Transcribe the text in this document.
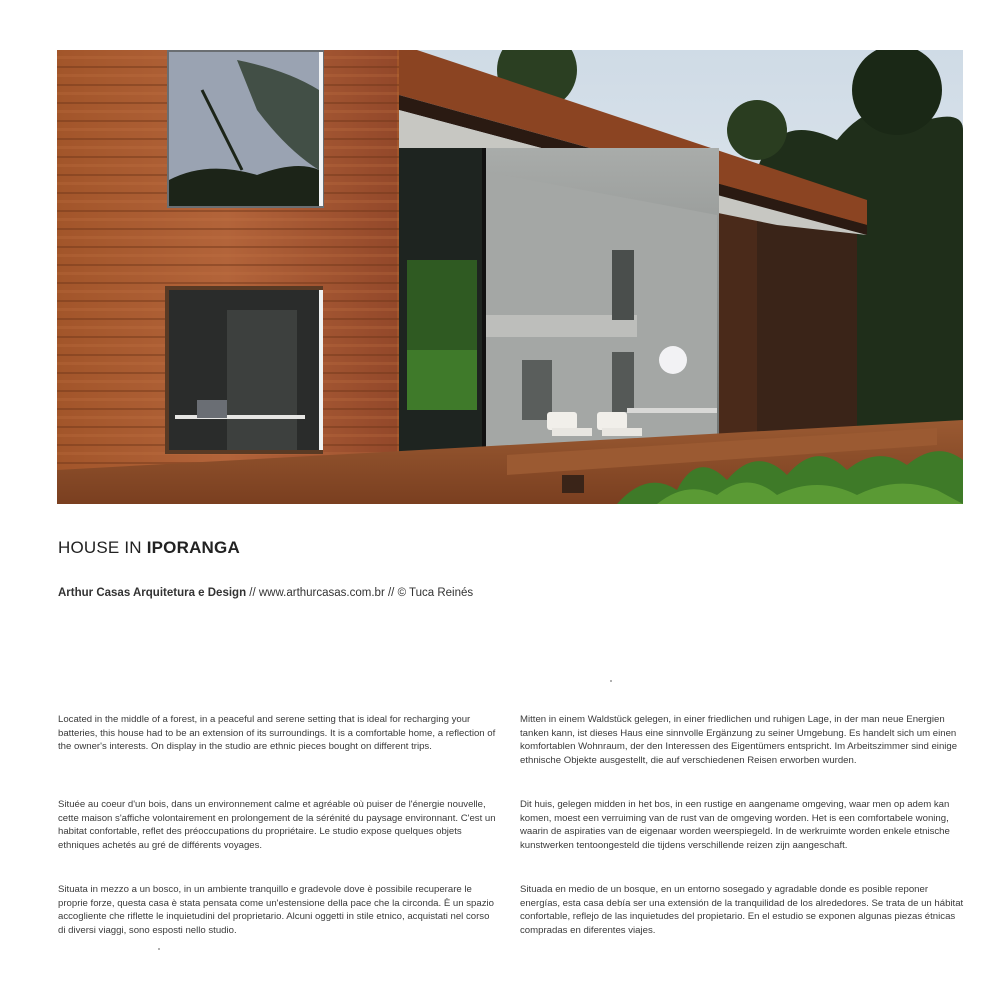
HOUSE IN IPORANGA
Arthur Casas Arquitetura e Design // www.arthurcasas.com.br // © Tuca Reinés

Located in the middle of a forest, in a peaceful and serene setting that is ideal for recharging your batteries, this house had to be an extension of its surroundings. It is a comfortable home, a reflection of the owner's interests. On display in the studio are ethnic pieces bought on different trips.

Mitten in einem Waldstück gelegen, in einer friedlichen und ruhigen Lage, in der man neue Energien tanken kann, ist dieses Haus eine sinnvolle Ergänzung zu seiner Umgebung. Es handelt sich um einen komfortablen Wohnraum, der den Interessen des Eigentümers entspricht. Im Arbeitszimmer sind einige ethnische Objekte ausgestellt, die auf verschiedenen Reisen erworben wurden.

Située au coeur d'un bois, dans un environnement calme et agréable où puiser de l'énergie nouvelle, cette maison s'affiche volontairement en prolongement de la sérénité du paysage environnant. C'est un habitat confortable, reflet des préoccupations du propriétaire. Le studio expose quelques objets ethniques achetés au gré de différents voyages.

Dit huis, gelegen midden in het bos, in een rustige en aangename omgeving, waar men op adem kan komen, moest een verruiming van de rust van de omgeving worden. Het is een comfortabele woning, waarin de aspiraties van de eigenaar worden weerspiegeld. In de werkruimte worden enkele etnische kunstwerken tentoongesteld die tijdens verschillende reizen zijn aangeschaft.

Situata in mezzo a un bosco, in un ambiente tranquillo e gradevole dove è possibile recuperare le proprie forze, questa casa è stata pensata come un'estensione della pace che la circonda. È un spazio accogliente che riflette le inquietudini del proprietario. Alcuni oggetti in stile etnico, acquistati nel corso di diversi viaggi, sono esposti nello studio.

Situada en medio de un bosque, en un entorno sosegado y agradable donde es posible reponer energías, esta casa debía ser una extensión de la tranquilidad de los alrededores. Se trata de un hábitat confortable, reflejo de las inquietudes del propietario. En el estudio se exponen algunas piezas étnicas compradas en diferentes viajes.
